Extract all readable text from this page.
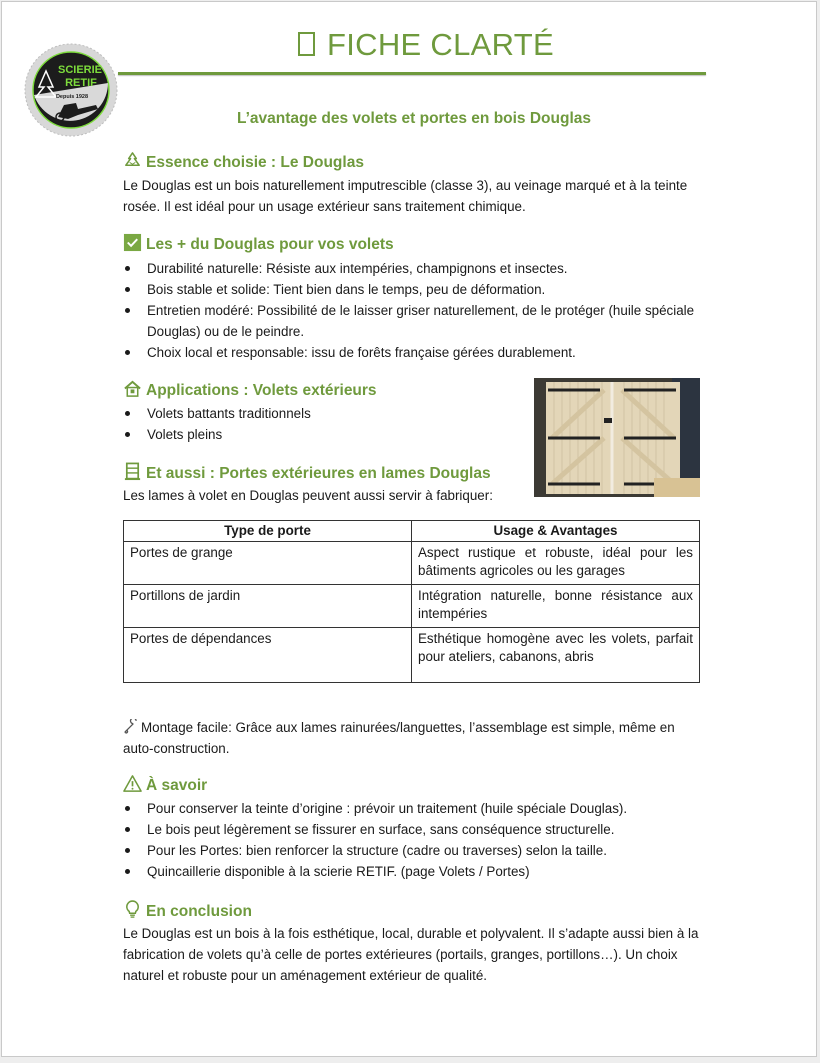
SCIERIE
RETIF
Depuis 1928
FICHE CLARTÉ
L’avantage des volets et portes en bois Douglas
Essence choisie : Le Douglas
Le Douglas est un bois naturellement imputrescible (classe 3), au veinage marqué et à la teinte
rosée. Il est idéal pour un usage extérieur sans traitement chimique.
Les + du Douglas pour vos volets
Durabilité naturelle: Résiste aux intempéries, champignons et insectes.
Bois stable et solide: Tient bien dans le temps, peu de déformation.
Entretien modéré: Possibilité de le laisser griser naturellement, de le protéger (huile spéciale Douglas) ou de le peindre.
Choix local et responsable: issu de forêts française gérées durablement.
Applications : Volets extérieurs
Volets battants traditionnels
Volets pleins
Et aussi : Portes extérieures en lames Douglas
Les lames à volet en Douglas peuvent aussi servir à fabriquer:
Type de porte	Usage & Avantages
Portes de grange	Aspect rustique et robuste, idéal pour les bâtiments agricoles ou les garages
Portillons de jardin	Intégration naturelle, bonne résistance aux intempéries
Portes de dépendances	Esthétique homogène avec les volets, parfait pour ateliers, cabanons, abris
Montage facile: Grâce aux lames rainurées/languettes, l’assemblage est simple, même en
auto-construction.
À savoir
Pour conserver la teinte d’origine : prévoir un traitement (huile spéciale Douglas).
Le bois peut légèrement se fissurer en surface, sans conséquence structurelle.
Pour les Portes: bien renforcer la structure (cadre ou traverses) selon la taille.
Quincaillerie disponible à la scierie RETIF. (page Volets / Portes)
En conclusion
Le Douglas est un bois à la fois esthétique, local, durable et polyvalent. Il s’adapte aussi bien à la
fabrication de volets qu’à celle de portes extérieures (portails, granges, portillons…). Un choix
naturel et robuste pour un aménagement extérieur de qualité.
